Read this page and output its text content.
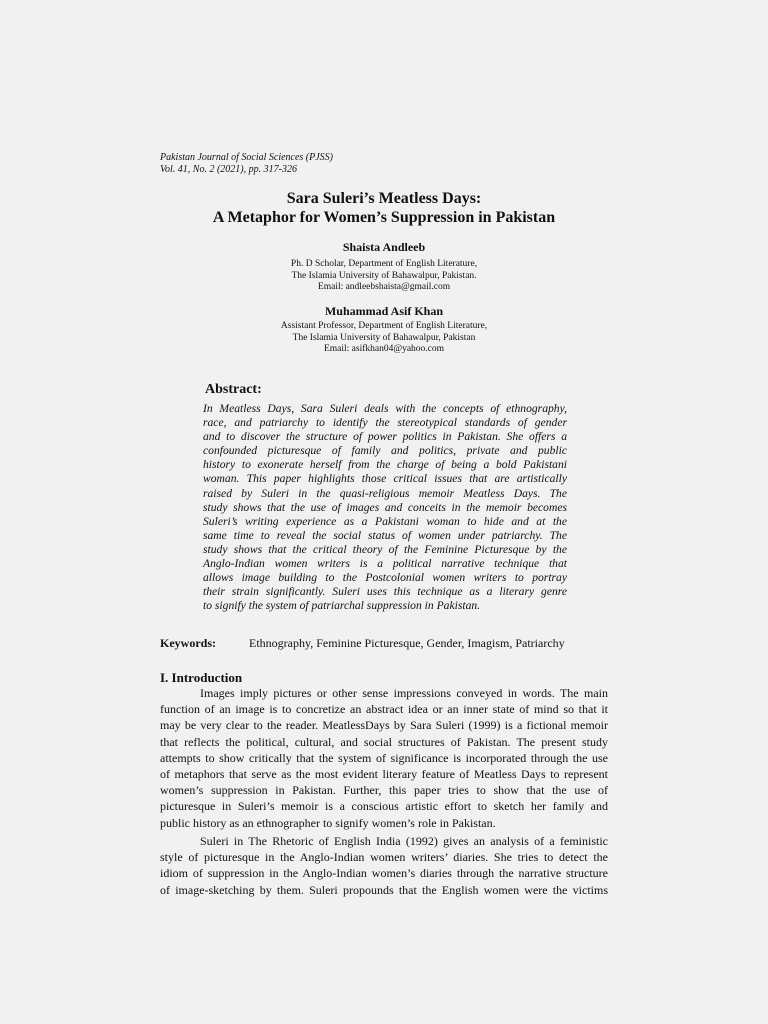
Pakistan Journal of Social Sciences (PJSS)
Vol. 41, No. 2 (2021), pp. 317-326
Sara Suleri’s Meatless Days:
A Metaphor for Women’s Suppression in Pakistan
Shaista Andleeb
Ph. D Scholar, Department of English Literature,
The Islamia University of Bahawalpur, Pakistan.
Email: andleebshaista@gmail.com
Muhammad Asif Khan
Assistant Professor, Department of English Literature,
The Islamia University of Bahawalpur, Pakistan
Email: asifkhan04@yahoo.com
Abstract:
In Meatless Days, Sara Suleri deals with the concepts of ethnography,
race, and patriarchy to identify the stereotypical standards of gender
and to discover the structure of power politics in Pakistan. She offers a
confounded picturesque of family and politics, private and public
history to exonerate herself from the charge of being a bold Pakistani
woman. This paper highlights those critical issues that are artistically
raised by Suleri in the quasi-religious memoir Meatless Days. The
study shows that the use of images and conceits in the memoir becomes
Suleri’s writing experience as a Pakistani woman to hide and at the
same time to reveal the social status of women under patriarchy. The
study shows that the critical theory of the Feminine Picturesque by the
Anglo-Indian women writers is a political narrative technique that
allows image building to the Postcolonial women writers to portray
their strain significantly. Suleri uses this technique as a literary genre
to signify the system of patriarchal suppression in Pakistan.
Keywords:	Ethnography, Feminine Picturesque, Gender, Imagism, Patriarchy
I. Introduction
Images imply pictures or other sense impressions conveyed in words. The main
function of an image is to concretize an abstract idea or an inner state of mind so that it
may be very clear to the reader. MeatlessDays by Sara Suleri (1999) is a fictional memoir
that reflects the political, cultural, and social structures of Pakistan. The present study
attempts to show critically that the system of significance is incorporated through the use
of metaphors that serve as the most evident literary feature of Meatless Days to represent
women’s suppression in Pakistan. Further, this paper tries to show that the use of
picturesque in Suleri’s memoir is a conscious artistic effort to sketch her family and
public history as an ethnographer to signify women’s role in Pakistan.
Suleri in The Rhetoric of English India (1992) gives an analysis of a feministic
style of picturesque in the Anglo-Indian women writers’ diaries. She tries to detect the
idiom of suppression in the Anglo-Indian women’s diaries through the narrative structure
of image-sketching by them. Suleri propounds that the English women were the victims
